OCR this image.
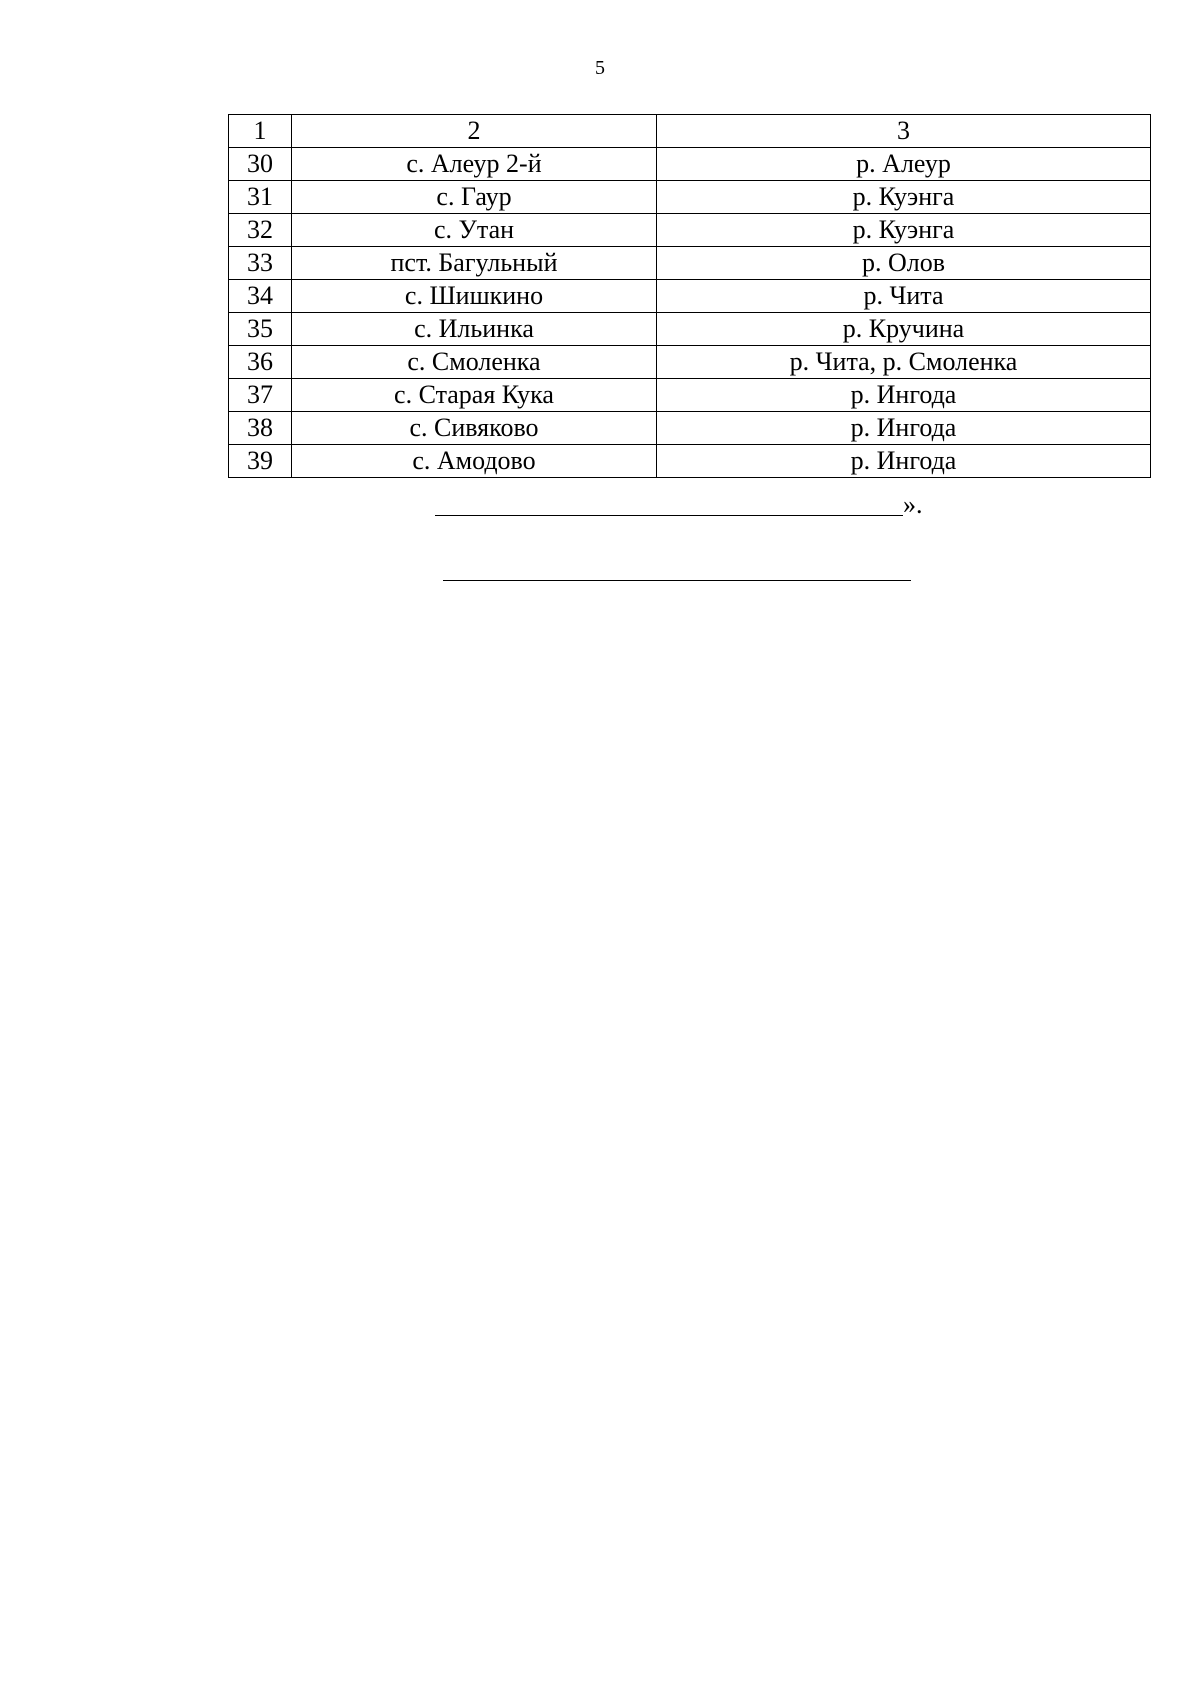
5
1	2	3
30	с. Алеур 2-й	р. Алеур
31	с. Гаур	р. Куэнга
32	с. Утан	р. Куэнга
33	пст. Багульный	р. Олов
34	с. Шишкино	р. Чита
35	с. Ильинка	р. Кручина
36	с. Смоленка	р. Чита, р. Смоленка
37	с. Старая Кука	р. Ингода
38	с. Сивяково	р. Ингода
39	с. Амодово	р. Ингода
».
